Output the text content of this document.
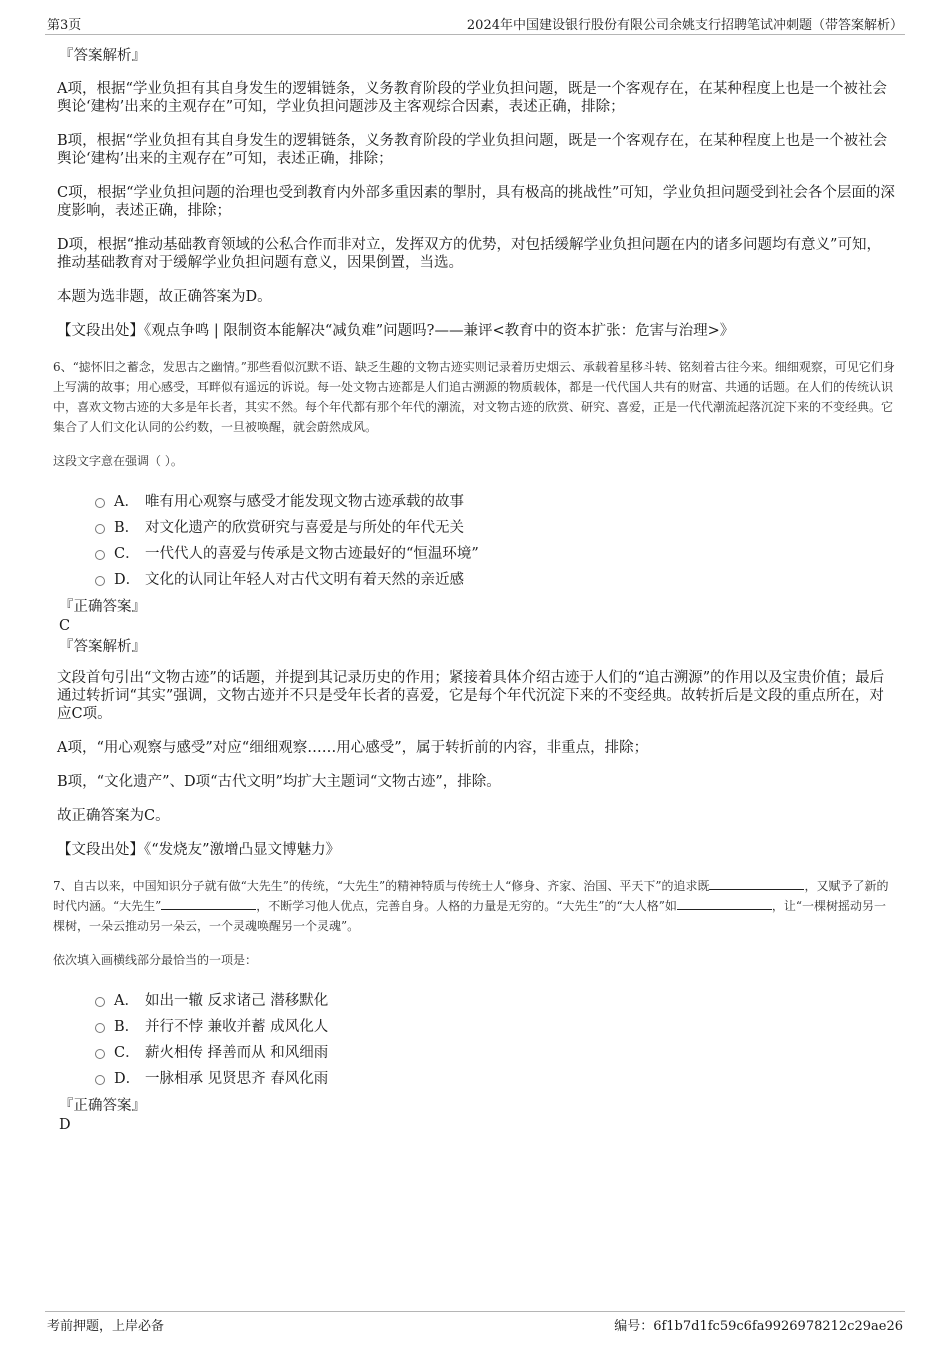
第3页	2024年中国建设银行股份有限公司余姚支行招聘笔试冲刺题（带答案解析）
『答案解析』

A项，根据“学业负担有其自身发生的逻辑链条，义务教育阶段的学业负担问题，既是一个客观存在，在某种程度上也是一个被社会舆论‘建构’出来的主观存在”可知，学业负担问题涉及主客观综合因素，表述正确，排除；

B项，根据“学业负担有其自身发生的逻辑链条，义务教育阶段的学业负担问题，既是一个客观存在，在某种程度上也是一个被社会舆论‘建构’出来的主观存在”可知，表述正确，排除；

C项，根据“学业负担问题的治理也受到教育内外部多重因素的掣肘，具有极高的挑战性”可知，学业负担问题受到社会各个层面的深度影响，表述正确，排除；

D项，根据“推动基础教育领域的公私合作而非对立，发挥双方的优势，对包括缓解学业负担问题在内的诸多问题均有意义”可知，推动基础教育对于缓解学业负担问题有意义，因果倒置，当选。

本题为选非题，故正确答案为D。

【文段出处】《观点争鸣 | 限制资本能解决“减负难”问题吗?——兼评<教育中的资本扩张：危害与治理>》

6、“摅怀旧之蓄念，发思古之幽情。”那些看似沉默不语、缺乏生趣的文物古迹实则记录着历史烟云、承载着星移斗转、铭刻着古往今来。细细观察，可见它们身上写满的故事；用心感受，耳畔似有遥远的诉说。每一处文物古迹都是人们追古溯源的物质载体，都是一代代国人共有的财富、共通的话题。在人们的传统认识中，喜欢文物古迹的大多是年长者，其实不然。每个年代都有那个年代的潮流，对文物古迹的欣赏、研究、喜爱，正是一代代潮流起落沉淀下来的不变经典。它集合了人们文化认同的公约数，一旦被唤醒，就会蔚然成风。

这段文字意在强调（ ）。

A． 唯有用心观察与感受才能发现文物古迹承载的故事
B． 对文化遗产的欣赏研究与喜爱是与所处的年代无关
C． 一代代人的喜爱与传承是文物古迹最好的“恒温环境”
D． 文化的认同让年轻人对古代文明有着天然的亲近感
『正确答案』
C
『答案解析』

文段首句引出“文物古迹”的话题，并提到其记录历史的作用；紧接着具体介绍古迹于人们的“追古溯源”的作用以及宝贵价值；最后通过转折词“其实”强调，文物古迹并不只是受年长者的喜爱，它是每个年代沉淀下来的不变经典。故转折后是文段的重点所在，对应C项。

A项，“用心观察与感受”对应“细细观察……用心感受”，属于转折前的内容，非重点，排除；

B项，“文化遗产”、D项“古代文明”均扩大主题词“文物古迹”，排除。

故正确答案为C。

【文段出处】《“发烧友”激增凸显文博魅力》

7、自古以来，中国知识分子就有做“大先生”的传统，“大先生”的精神特质与传统士人“修身、齐家、治国、平天下”的追求既	，又赋予了新的时代内涵。“大先生”	，不断学习他人优点，完善自身。人格的力量是无穷的。“大先生”的“大人格”如	，让“一棵树摇动另一棵树，一朵云推动另一朵云，一个灵魂唤醒另一个灵魂”。

依次填入画横线部分最恰当的一项是：

A． 如出一辙 反求诸己 潜移默化
B． 并行不悖 兼收并蓄 成风化人
C． 薪火相传 择善而从 和风细雨
D． 一脉相承 见贤思齐 春风化雨
『正确答案』
D
考前押题，上岸必备	编号：6f1b7d1fc59c6fa9926978212c29ae26
